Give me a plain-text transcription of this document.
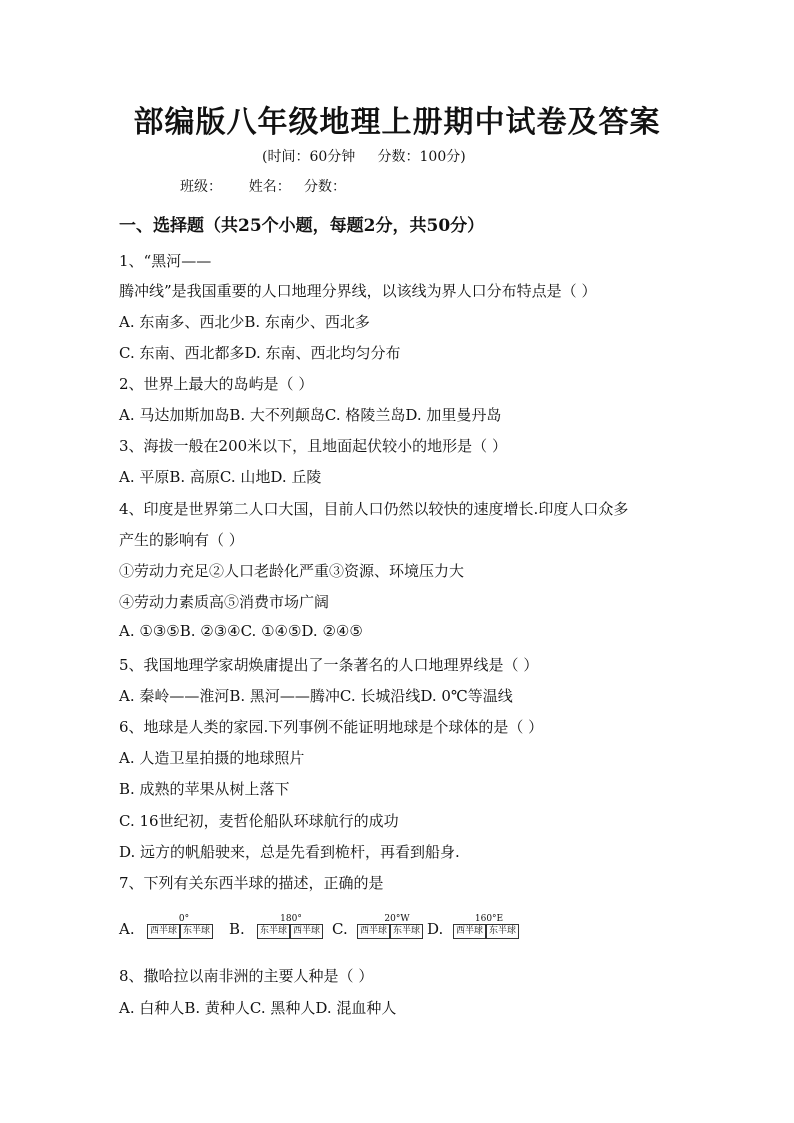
部编版八年级地理上册期中试卷及答案
(时间：60分钟     分数：100分)
班级：      姓名：   分数：
一、选择题（共25个小题，每题2分，共50分）
1、“黑河——
腾冲线”是我国重要的人口地理分界线，以该线为界人口分布特点是（ ）
A. 东南多、西北少B. 东南少、西北多
C. 东南、西北都多D. 东南、西北均匀分布
2、世界上最大的岛屿是（ ）
A. 马达加斯加岛B. 大不列颠岛C. 格陵兰岛D. 加里曼丹岛
3、海拔一般在200米以下，且地面起伏较小的地形是（ ）
A. 平原B. 高原C. 山地D. 丘陵
4、印度是世界第二人口大国，目前人口仍然以较快的速度增长.印度人口众多
产生的影响有（ ）
①劳动力充足②人口老龄化严重③资源、环境压力大
④劳动力素质高⑤消费市场广阔
A. ①③⑤B. ②③④C. ①④⑤D. ②④⑤
5、我国地理学家胡焕庸提出了一条著名的人口地理界线是（ ）
A. 秦岭——淮河B. 黑河——腾冲C. 长城沿线D. 0℃等温线
6、地球是人类的家园.下列事例不能证明地球是个球体的是（ ）
A. 人造卫星拍摄的地球照片
B. 成熟的苹果从树上落下
C. 16世纪初，麦哲伦船队环球航行的成功
D. 远方的帆船驶来，总是先看到桅杆，再看到船身.
7、下列有关东西半球的描述，正确的是
A.
0°
西半球 东半球 B.
180°
东半球 西半球 C.
20°W
西半球 东半球 D.
160°E
西半球 东半球
8、撒哈拉以南非洲的主要人种是（ ）
A. 白种人B. 黄种人C. 黑种人D. 混血种人
